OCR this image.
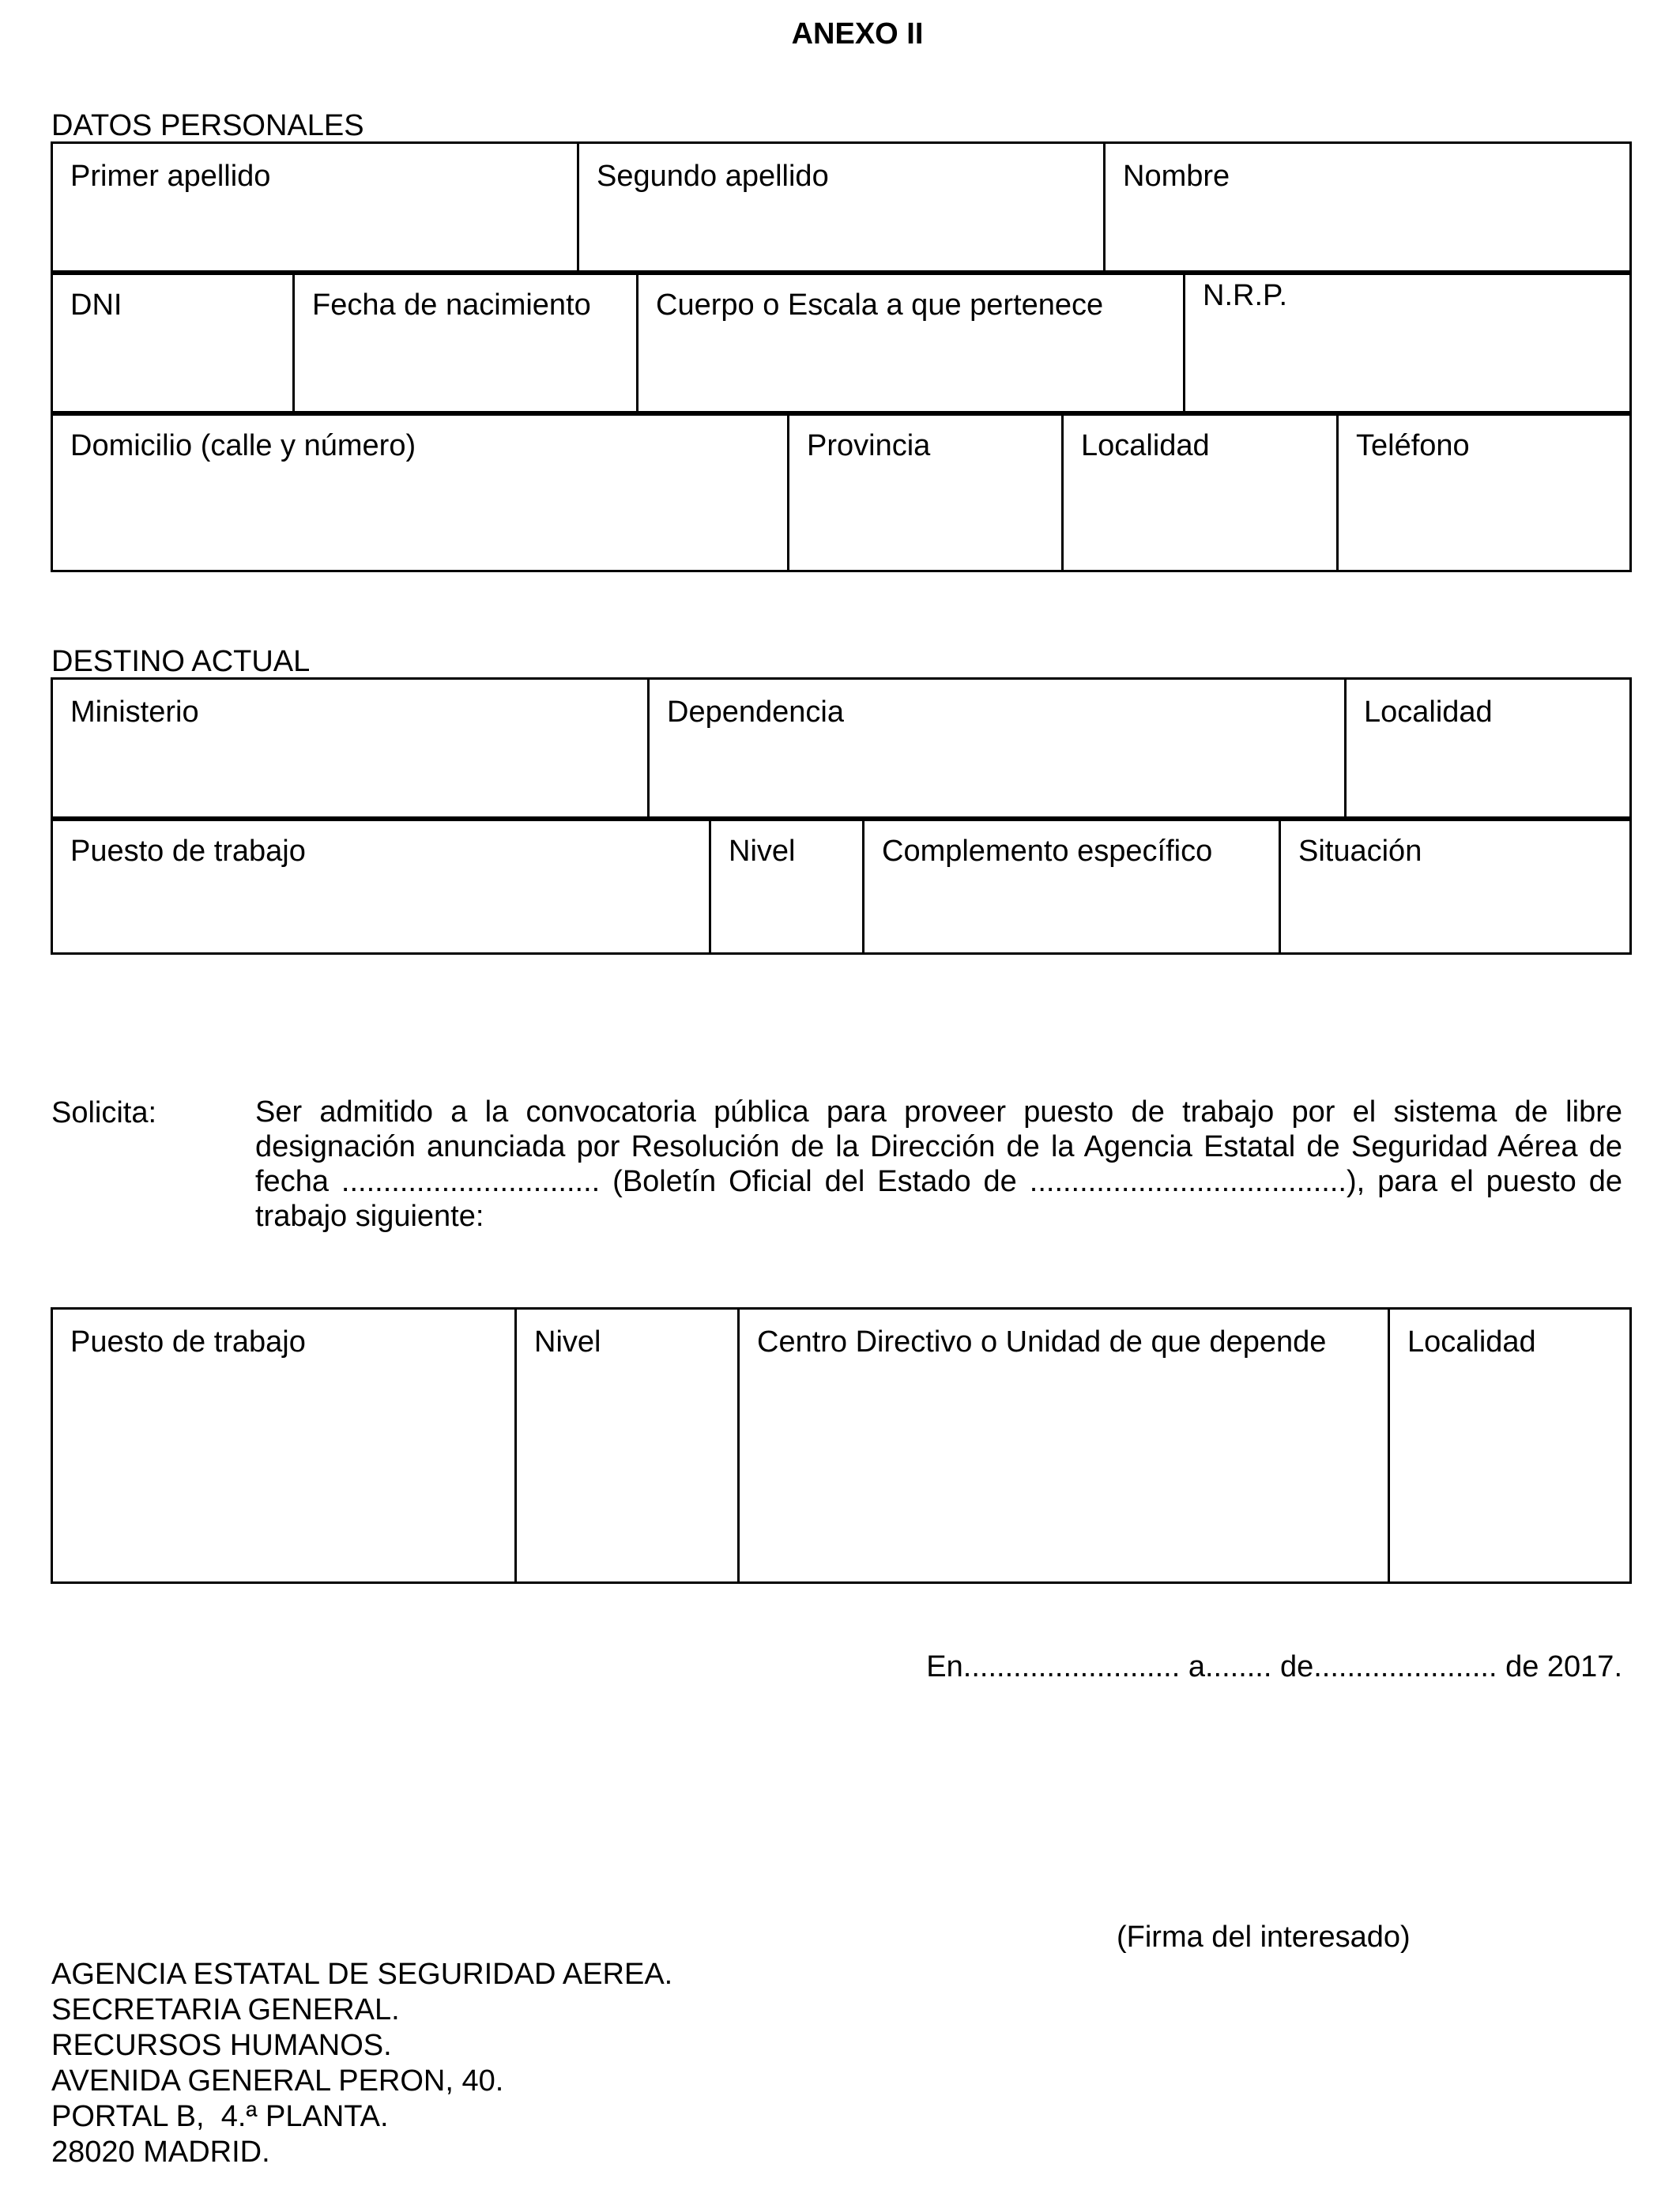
ANEXO II
DATOS PERSONALES
Primer apellido	Segundo apellido	Nombre
DNI	Fecha de nacimiento	Cuerpo o Escala a que pertenece	N.R.P.
Domicilio (calle y número)	Provincia	Localidad	Teléfono
DESTINO ACTUAL
Ministerio	Dependencia	Localidad
Puesto de trabajo	Nivel	Complemento específico	Situación
Solicita:	Ser admitido a la convocatoria pública para proveer puesto de trabajo por el sistema de libre designación anunciada por Resolución de la Dirección de la Agencia Estatal de Seguridad Aérea de fecha ............................... (Boletín Oficial del Estado de ......................................), para el puesto de trabajo siguiente:
Puesto de trabajo	Nivel	Centro Directivo o Unidad de que depende	Localidad
En.......................... a........ de...................... de 2017.
(Firma del interesado)
AGENCIA ESTATAL DE SEGURIDAD AEREA.
SECRETARIA GENERAL.
RECURSOS HUMANOS.
AVENIDA GENERAL PERON, 40.
PORTAL B,  4.ª PLANTA.
28020 MADRID.
